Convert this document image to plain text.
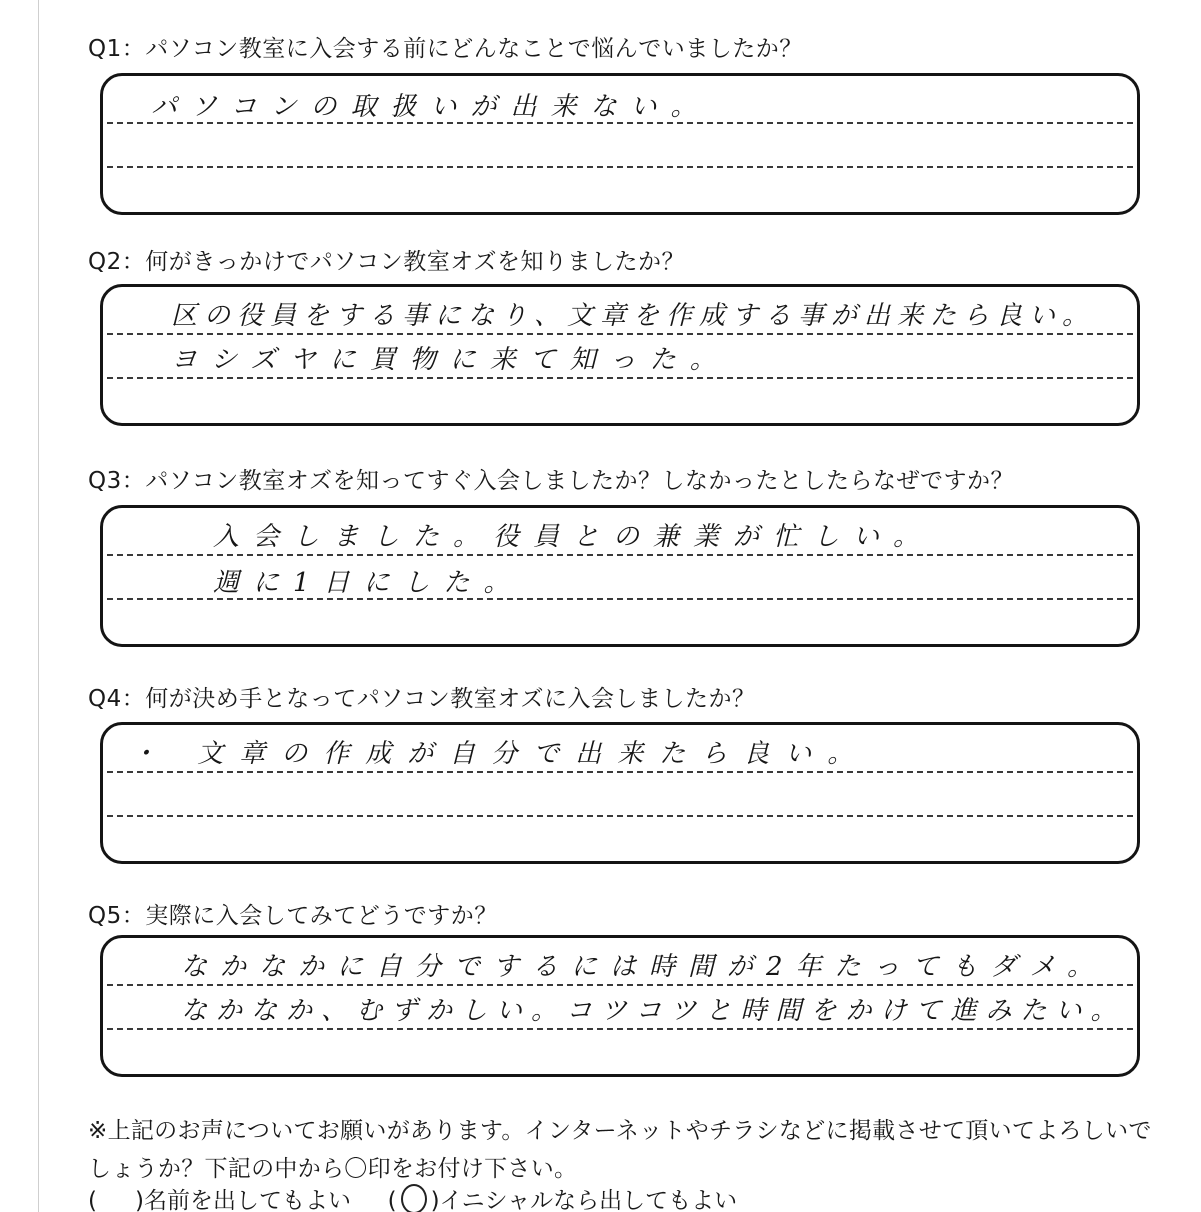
Q1：パソコン教室に入会する前にどんなことで悩んでいましたか？
パソコンの取扱いが出来ない。
Q2：何がきっかけでパソコン教室オズを知りましたか？
区の役員をする事になり、文章を作成する事が出来たら良い。
ヨシズヤに買物に来て知った。
Q3：パソコン教室オズを知ってすぐ入会しましたか？しなかったとしたらなぜですか？
入会しました。役員との兼業が忙しい。
週に1日にした。
Q4：何が決め手となってパソコン教室オズに入会しましたか？
・ 文章の作成が自分で出来たら良い。
Q5：実際に入会してみてどうですか？
なかなかに自分でするには時間が2年たってもダメ。
なかなか、むずかしい。コツコツと時間をかけて進みたい。
※上記のお声についてお願いがあります。インターネットやチラシなどに掲載させて頂いてよろしいでしょうか？下記の中から〇印をお付け下さい。
( )名前を出してもよい ( )イニシャルなら出してもよい
